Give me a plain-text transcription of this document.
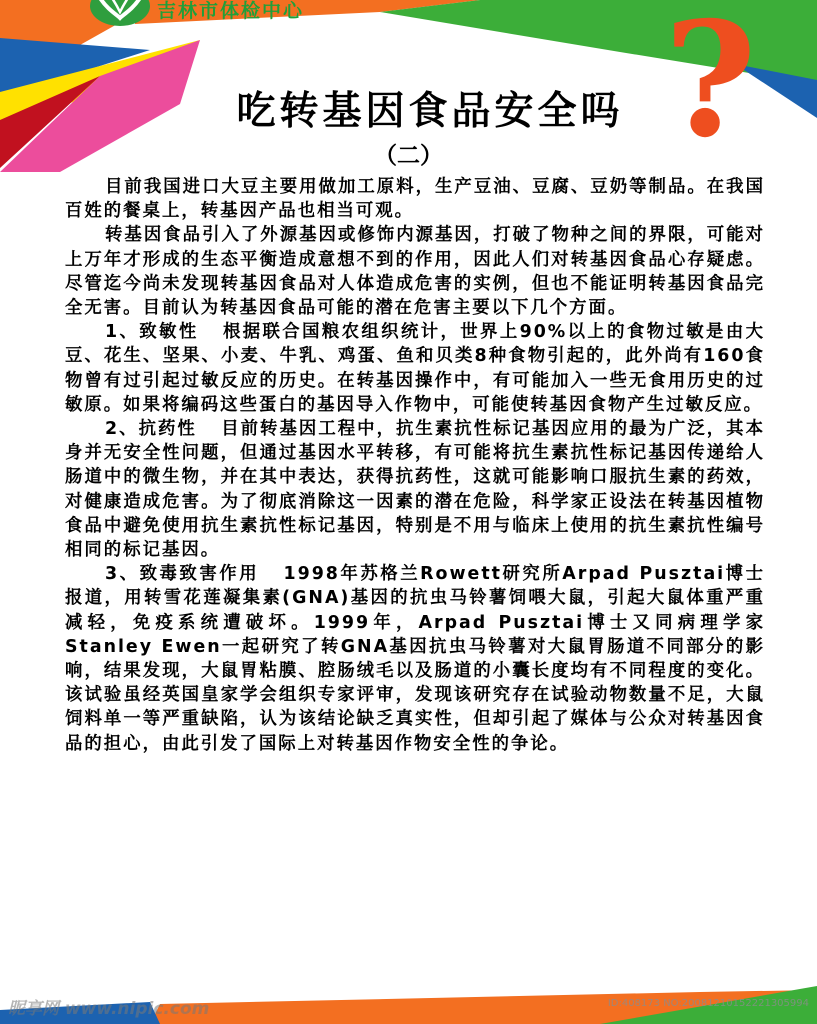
吉林市体检中心 ?
吃转基因食品安全吗
（二）

目前我国进口大豆主要用做加工原料，生产豆油、豆腐、豆奶等制品。在我国百姓的餐桌上，转基因产品也相当可观。

转基因食品引入了外源基因或修饰内源基因，打破了物种之间的界限，可能对上万年才形成的生态平衡造成意想不到的作用，因此人们对转基因食品心存疑虑。尽管迄今尚未发现转基因食品对人体造成危害的实例，但也不能证明转基因食品完全无害。目前认为转基因食品可能的潜在危害主要以下几个方面。

1、致敏性 根据联合国粮农组织统计，世界上90%以上的食物过敏是由大豆、花生、坚果、小麦、牛乳、鸡蛋、鱼和贝类8种食物引起的，此外尚有160食物曾有过引起过敏反应的历史。在转基因操作中，有可能加入一些无食用历史的过敏原。如果将编码这些蛋白的基因导入作物中，可能使转基因食物产生过敏反应。

2、抗药性 目前转基因工程中，抗生素抗性标记基因应用的最为广泛，其本身并无安全性问题，但通过基因水平转移，有可能将抗生素抗性标记基因传递给人肠道中的微生物，并在其中表达，获得抗药性，这就可能影响口服抗生素的药效，对健康造成危害。为了彻底消除这一因素的潜在危险，科学家正设法在转基因植物食品中避免使用抗生素抗性标记基因，特别是不用与临床上使用的抗生素抗性编号相同的标记基因。

3、致毒致害作用 1998年苏格兰Rowett研究所Arpad Pusztai博士报道，用转雪花莲凝集素(GNA)基因的抗虫马铃薯饲喂大鼠，引起大鼠体重严重减轻，免疫系统遭破坏。1999年，Arpad Pusztai博士又同病理学家Stanley Ewen一起研究了转GNA基因抗虫马铃薯对大鼠胃肠道不同部分的影响，结果发现，大鼠胃粘膜、腔肠绒毛以及肠道的小囊长度均有不同程度的变化。该试验虽经英国皇家学会组织专家评审，发现该研究存在试验动物数量不足，大鼠饲料单一等严重缺陷，认为该结论缺乏真实性，但却引起了媒体与公众对转基因食品的担心，由此引发了国际上对转基因作物安全性的争论。

昵享网 www.nipic.com	ID:408173 NO:20081210152221305994
